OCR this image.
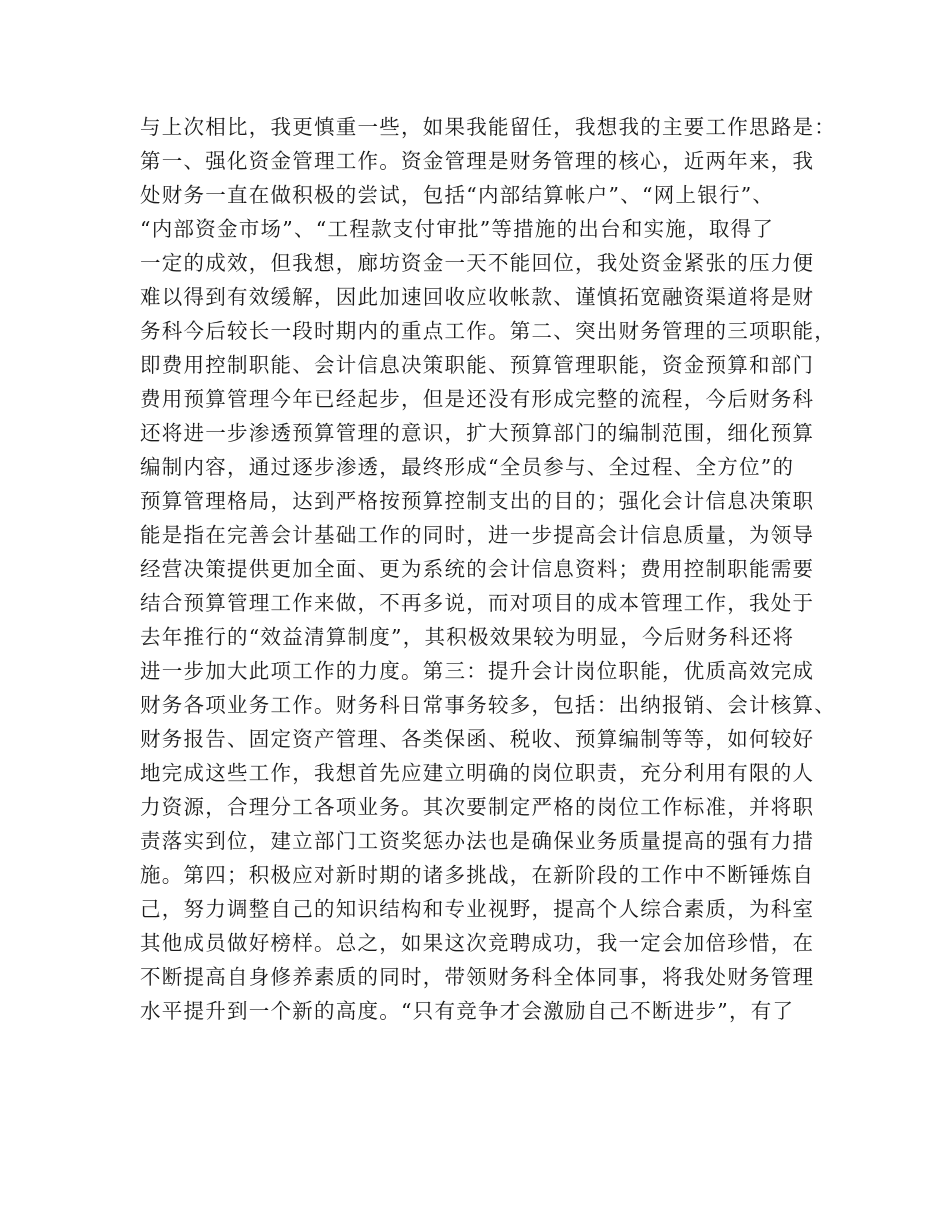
与上次相比，我更慎重一些，如果我能留任，我想我的主要工作思路是：
第一、强化资金管理工作。资金管理是财务管理的核心，近两年来，我
处财务一直在做积极的尝试，包括“内部结算帐户”、“网上银行”、
“内部资金市场”、“工程款支付审批”等措施的出台和实施，取得了
一定的成效，但我想，廊坊资金一天不能回位，我处资金紧张的压力便
难以得到有效缓解，因此加速回收应收帐款、谨慎拓宽融资渠道将是财
务科今后较长一段时期内的重点工作。第二、突出财务管理的三项职能，
即费用控制职能、会计信息决策职能、预算管理职能，资金预算和部门
费用预算管理今年已经起步，但是还没有形成完整的流程，今后财务科
还将进一步渗透预算管理的意识，扩大预算部门的编制范围，细化预算
编制内容，通过逐步渗透，最终形成“全员参与、全过程、全方位”的
预算管理格局，达到严格按预算控制支出的目的；强化会计信息决策职
能是指在完善会计基础工作的同时，进一步提高会计信息质量，为领导
经营决策提供更加全面、更为系统的会计信息资料；费用控制职能需要
结合预算管理工作来做，不再多说，而对项目的成本管理工作，我处于
去年推行的“效益清算制度”，其积极效果较为明显，今后财务科还将
进一步加大此项工作的力度。第三：提升会计岗位职能，优质高效完成
财务各项业务工作。财务科日常事务较多，包括：出纳报销、会计核算、
财务报告、固定资产管理、各类保函、税收、预算编制等等，如何较好
地完成这些工作，我想首先应建立明确的岗位职责，充分利用有限的人
力资源，合理分工各项业务。其次要制定严格的岗位工作标准，并将职
责落实到位，建立部门工资奖惩办法也是确保业务质量提高的强有力措
施。第四；积极应对新时期的诸多挑战，在新阶段的工作中不断锤炼自
己，努力调整自己的知识结构和专业视野，提高个人综合素质，为科室
其他成员做好榜样。总之，如果这次竞聘成功，我一定会加倍珍惜，在
不断提高自身修养素质的同时，带领财务科全体同事，将我处财务管理
水平提升到一个新的高度。“只有竞争才会激励自己不断进步”，有了
